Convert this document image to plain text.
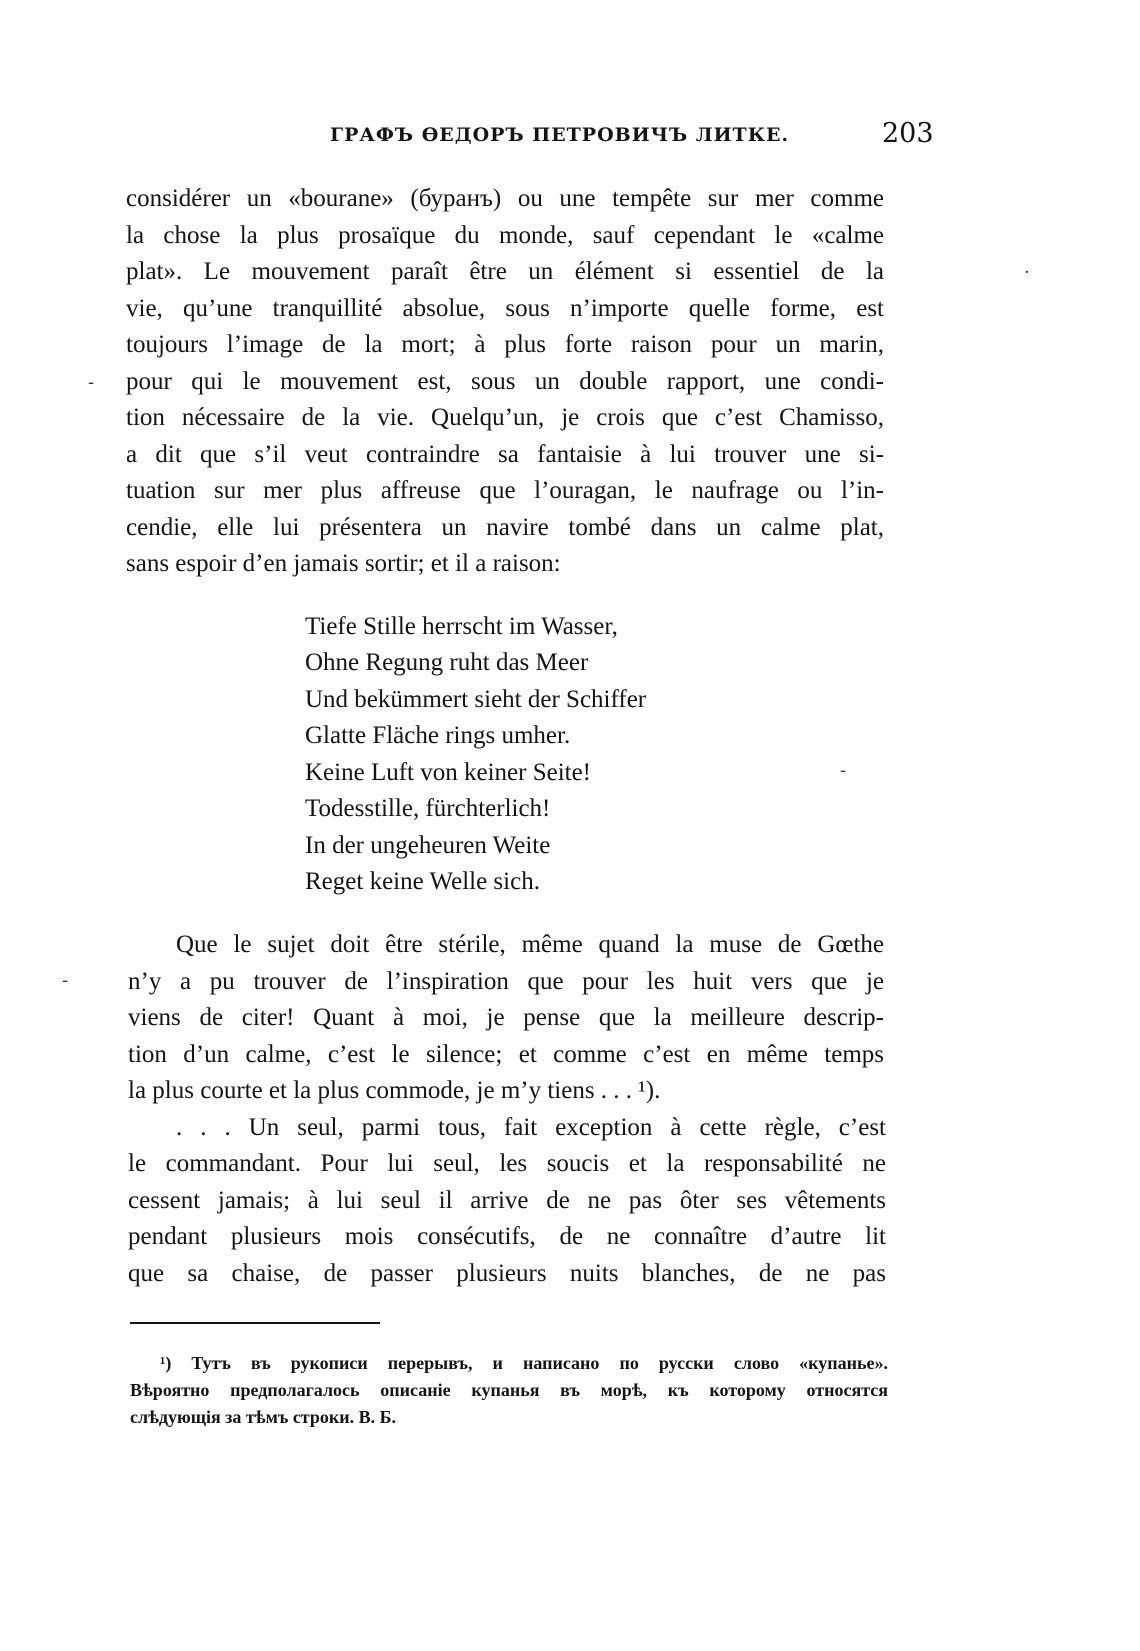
ГРАФЪ ѲЕДОРЪ ПЕТРОВИЧЪ ЛИТКЕ.	203
considérer un «bourane» (буранъ) ou une tempête sur mer comme
la chose la plus prosaïque du monde, sauf cependant le «calme
plat». Le mouvement paraît être un élément si essentiel de la
vie, qu’une tranquillité absolue, sous n’importe quelle forme, est
toujours l’image de la mort; à plus forte raison pour un marin,
pour qui le mouvement est, sous un double rapport, une condi-
tion nécessaire de la vie. Quelqu’un, je crois que c’est Chamisso,
a dit que s’il veut contraindre sa fantaisie à lui trouver une si-
tuation sur mer plus affreuse que l’ouragan, le naufrage ou l’in-
cendie, elle lui présentera un navire tombé dans un calme plat,
sans espoir d’en jamais sortir; et il a raison:
Tiefe Stille herrscht im Wasser,
Ohne Regung ruht das Meer
Und bekümmert sieht der Schiffer
Glatte Fläche rings umher.
Keine Luft von keiner Seite!
Todesstille, fürchterlich!
In der ungeheuren Weite
Reget keine Welle sich.
Que le sujet doit être stérile, même quand la muse de Gœthe
n’y a pu trouver de l’inspiration que pour les huit vers que je
viens de citer! Quant à moi, je pense que la meilleure descrip-
tion d’un calme, c’est le silence; et comme c’est en même temps
la plus courte et la plus commode, je m’y tiens . . . ¹).
. . . Un seul, parmi tous, fait exception à cette règle, c’est
le commandant. Pour lui seul, les soucis et la responsabilité ne
cessent jamais; à lui seul il arrive de ne pas ôter ses vêtements
pendant plusieurs mois consécutifs, de ne connaître d’autre lit
que sa chaise, de passer plusieurs nuits blanches, de ne pas
¹) Тутъ въ рукописи перерывъ, и написано по русски слово «купанье».
Вѣроятно предполагалось описаніе купанья въ морѣ, къ которому относятся
слѣдующія за тѣмъ строки. В. Б.
-
-
·
-
